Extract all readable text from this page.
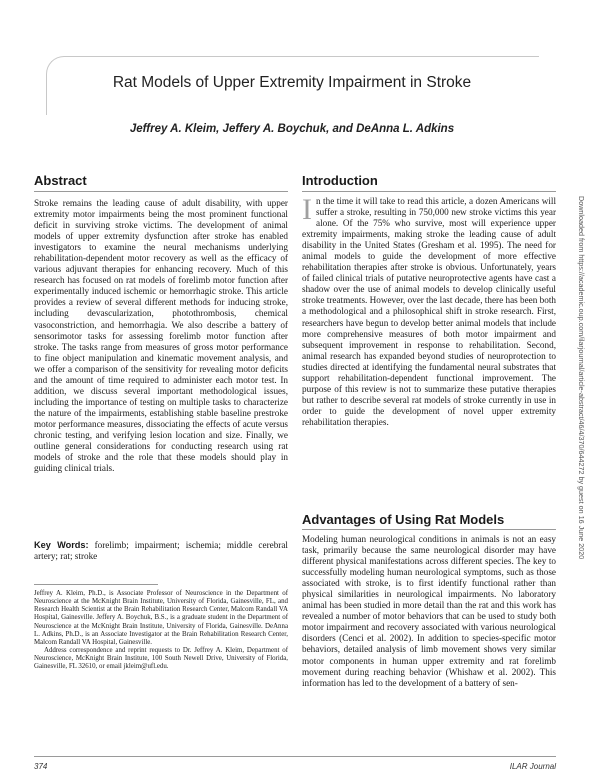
Rat Models of Upper Extremity Impairment in Stroke
Jeffrey A. Kleim, Jeffery A. Boychuk, and DeAnna L. Adkins
Abstract
Stroke remains the leading cause of adult disability, with upper extremity motor impairments being the most prominent functional deficit in surviving stroke victims. The development of animal models of upper extremity dysfunction after stroke has enabled investigators to examine the neural mechanisms underlying rehabilitation-dependent motor recovery as well as the efficacy of various adjuvant therapies for enhancing recovery. Much of this research has focused on rat models of forelimb motor function after experimentally induced ischemic or hemorrhagic stroke. This article provides a review of several different methods for inducing stroke, including devascularization, photothrombosis, chemical vasoconstriction, and hemorrhagia. We also describe a battery of sensorimotor tasks for assessing forelimb motor function after stroke. The tasks range from measures of gross motor performance to fine object manipulation and kinematic movement analysis, and we offer a comparison of the sensitivity for revealing motor deficits and the amount of time required to administer each motor test. In addition, we discuss several important methodological issues, including the importance of testing on multiple tasks to characterize the nature of the impairments, establishing stable baseline prestroke motor performance measures, dissociating the effects of acute versus chronic testing, and verifying lesion location and size. Finally, we outline general considerations for conducting research using rat models of stroke and the role that these models should play in guiding clinical trials.
Key Words: forelimb; impairment; ischemia; middle cerebral artery; rat; stroke

Jeffrey A. Kleim, Ph.D., is Associate Professor of Neuroscience in the Department of Neuroscience at the McKnight Brain Institute, University of Florida, Gainesville, FL, and Research Health Scientist at the Brain Rehabilitation Research Center, Malcom Randall VA Hospital, Gainesville. Jeffery A. Boychuk, B.S., is a graduate student in the Department of Neuroscience at the McKnight Brain Institute, University of Florida, Gainesville. DeAnna L. Adkins, Ph.D., is an Associate Investigator at the Brain Rehabilitation Research Center, Malcom Randall VA Hospital, Gainesville.

Address correspondence and reprint requests to Dr. Jeffrey A. Kleim, Department of Neuroscience, McKnight Brain Institute, 100 South Newell Drive, University of Florida, Gainesville, FL 32610, or email jkleim@ufl.edu.

Introduction
In the time it will take to read this article, a dozen Americans will suffer a stroke, resulting in 750,000 new stroke victims this year alone. Of the 75% who survive, most will experience upper extremity impairments, making stroke the leading cause of adult disability in the United States (Gresham et al. 1995). The need for animal models to guide the development of more effective rehabilitation therapies after stroke is obvious. Unfortunately, years of failed clinical trials of putative neuroprotective agents have cast a shadow over the use of animal models to develop clinically useful stroke treatments. However, over the last decade, there has been both a methodological and a philosophical shift in stroke research. First, researchers have begun to develop better animal models that include more comprehensive measures of both motor impairment and subsequent improvement in response to rehabilitation. Second, animal research has expanded beyond studies of neuroprotection to studies directed at identifying the fundamental neural substrates that support rehabilitation-dependent functional improvement. The purpose of this review is not to summarize these putative therapies but rather to describe several rat models of stroke currently in use in order to guide the development of novel upper extremity rehabilitation therapies.
Advantages of Using Rat Models
Modeling human neurological conditions in animals is not an easy task, primarily because the same neurological disorder may have different physical manifestations across different species. The key to successfully modeling human neurological symptoms, such as those associated with stroke, is to first identify functional rather than physical similarities in neurological impairments. No laboratory animal has been studied in more detail than the rat and this work has revealed a number of motor behaviors that can be used to study both motor impairment and recovery associated with various neurological disorders (Cenci et al. 2002). In addition to species-specific motor behaviors, detailed analysis of limb movement shows very similar motor components in human upper extremity and rat forelimb movement during reaching behavior (Whishaw et al. 2002). This information has led to the development of a battery of sen-
374	ILAR Journal
Downloaded from https://academic.oup.com/ilarjournal/article-abstract/46/4/370/644272 by guest on 16 June 2020
